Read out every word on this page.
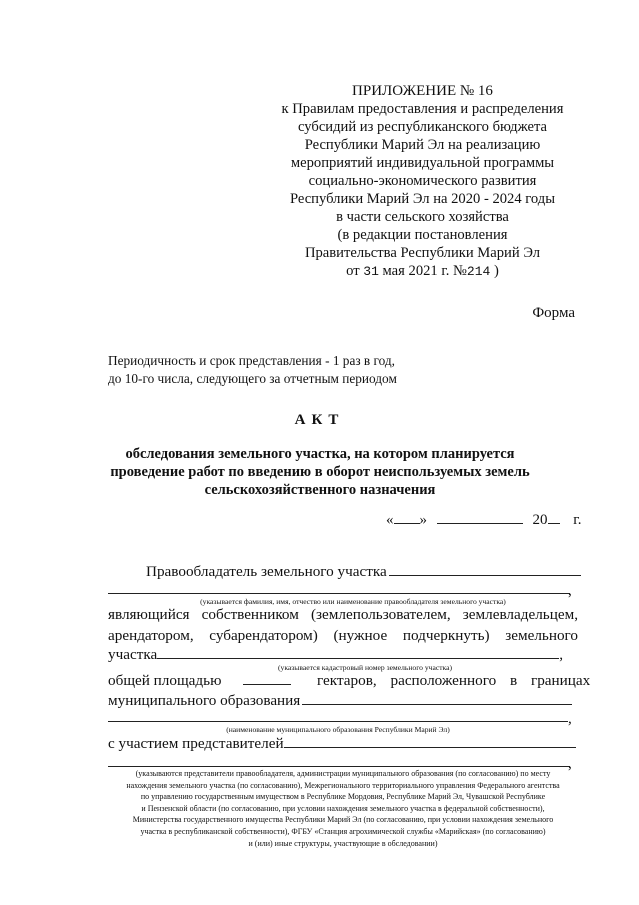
ПРИЛОЖЕНИЕ № 16
к Правилам предоставления и распределения
субсидий из республиканского бюджета
Республики Марий Эл на реализацию
мероприятий индивидуальной программы
социально-экономического развития
Республики Марий Эл на 2020 - 2024 годы
в части сельского хозяйства
(в редакции постановления
Правительства Республики Марий Эл
от 31 мая 2021 г. №214 )
Форма
Периодичность и срок представления - 1 раз в год,
до 10-го числа, следующего за отчетным периодом
АКТ
обследования земельного участка, на котором планируется
проведение работ по введению в оборот неиспользуемых земель
сельскохозяйственного назначения
« »	20 г.
Правообладатель земельного участка
,
(указывается фамилия, имя, отчество или наименование правообладателя земельного участка)
являющийся собственником (землепользователем, землевладельцем,
арендатором, субарендатором) (нужное подчеркнуть) земельного
участка	,
(указывается кадастровый номер земельного участка)
общей площадью	гектаров, расположенного в границах
муниципального образования
,
(наименование муниципального образования Республики Марий Эл)
с участием представителей
,
(указываются представители правообладателя, администрации муниципального образования (по согласованию) по месту
нахождения земельного участка (по согласованию), Межрегионального территориального управления Федерального агентства
по управлению государственным имуществом в Республике Мордовия, Республике Марий Эл, Чувашской Республике
и Пензенской области (по согласованию, при условии нахождения земельного участка в федеральной собственности),
Министерства государственного имущества Республики Марий Эл (по согласованию, при условии нахождения земельного
участка в республиканской собственности), ФГБУ «Станция агрохимической службы «Марийская» (по согласованию)
и (или) иные структуры, участвующие в обследовании)
